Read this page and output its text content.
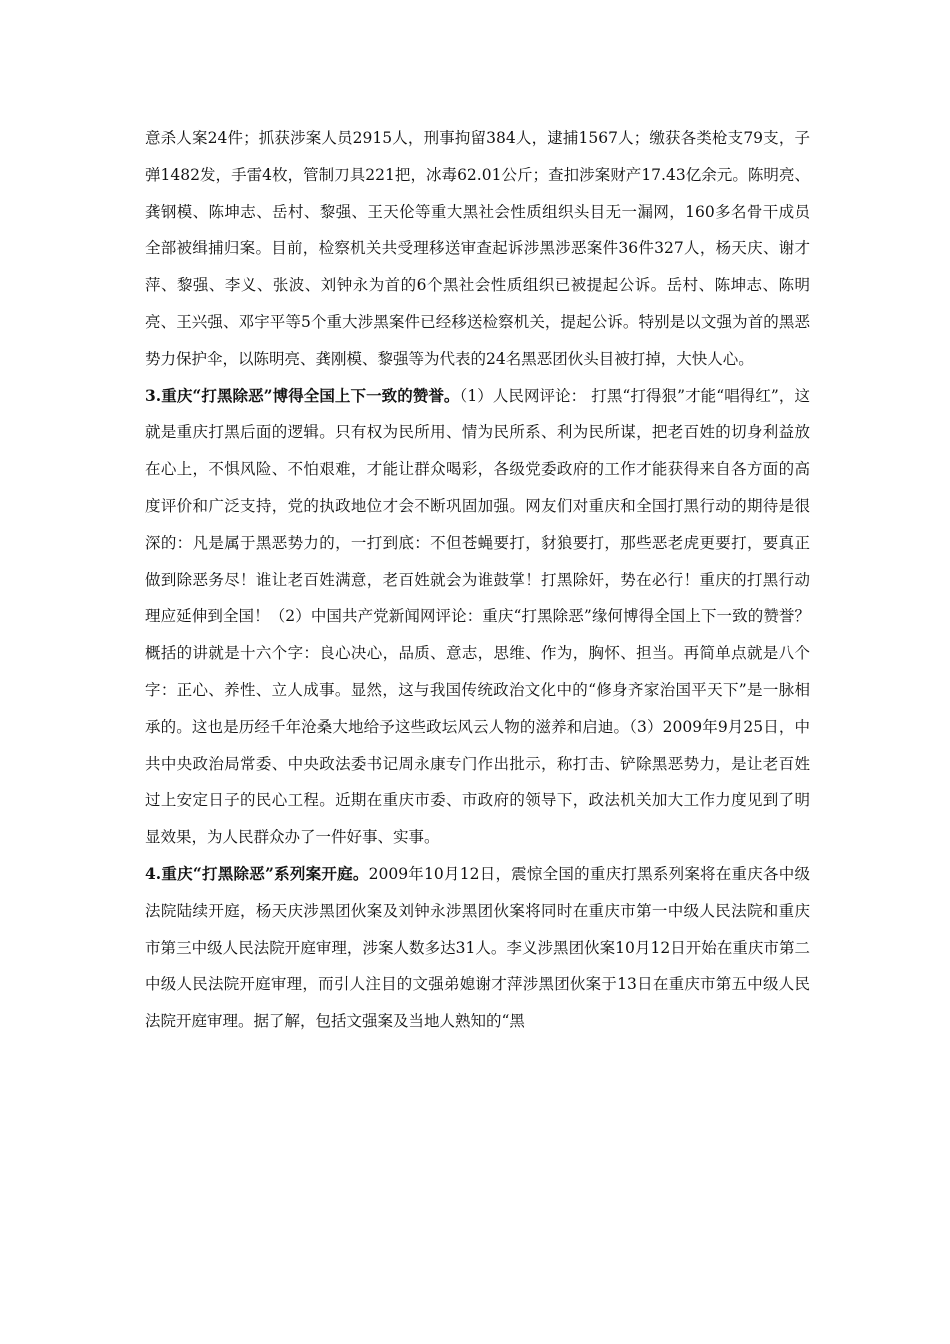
意杀人案24件；抓获涉案人员2915人，刑事拘留384人，逮捕1567人；缴获各类枪支79支，子弹1482发，手雷4枚，管制刀具221把，冰毒62.01公斤；查扣涉案财产17.43亿余元。陈明亮、龚钢模、陈坤志、岳村、黎强、王天伦等重大黑社会性质组织头目无一漏网，160多名骨干成员全部被缉捕归案。目前，检察机关共受理移送审查起诉涉黑涉恶案件36件327人，杨天庆、谢才萍、黎强、李义、张波、刘钟永为首的6个黑社会性质组织已被提起公诉。岳村、陈坤志、陈明亮、王兴强、邓宇平等5个重大涉黑案件已经移送检察机关，提起公诉。特别是以文强为首的黑恶势力保护伞，以陈明亮、龚刚模、黎强等为代表的24名黑恶团伙头目被打掉，大快人心。

3.重庆“打黑除恶”博得全国上下一致的赞誉。（1）人民网评论： 打黑“打得狠”才能“唱得红”，这就是重庆打黑后面的逻辑。只有权为民所用、情为民所系、利为民所谋，把老百姓的切身利益放在心上，不惧风险、不怕艰难，才能让群众喝彩，各级党委政府的工作才能获得来自各方面的高度评价和广泛支持，党的执政地位才会不断巩固加强。网友们对重庆和全国打黑行动的期待是很深的：凡是属于黑恶势力的，一打到底：不但苍蝇要打，豺狼要打，那些恶老虎更要打，要真正做到除恶务尽！谁让老百姓满意，老百姓就会为谁鼓掌！打黑除奸，势在必行！重庆的打黑行动理应延伸到全国！（2）中国共产党新闻网评论：重庆“打黑除恶”缘何博得全国上下一致的赞誉？概括的讲就是十六个字：良心决心，品质、意志，思维、作为，胸怀、担当。再简单点就是八个字：正心、养性、立人成事。显然，这与我国传统政治文化中的“修身齐家治国平天下”是一脉相承的。这也是历经千年沧桑大地给予这些政坛风云人物的滋养和启迪。（3）2009年9月25日，中共中央政治局常委、中央政法委书记周永康专门作出批示，称打击、铲除黑恶势力，是让老百姓过上安定日子的民心工程。近期在重庆市委、市政府的领导下，政法机关加大工作力度见到了明显效果，为人民群众办了一件好事、实事。

4.重庆“打黑除恶”系列案开庭。2009年10月12日，震惊全国的重庆打黑系列案将在重庆各中级法院陆续开庭，杨天庆涉黑团伙案及刘钟永涉黑团伙案将同时在重庆市第一中级人民法院和重庆市第三中级人民法院开庭审理，涉案人数多达31人。李义涉黑团伙案10月12日开始在重庆市第二中级人民法院开庭审理，而引人注目的文强弟媳谢才萍涉黑团伙案于13日在重庆市第五中级人民法院开庭审理。据了解，包括文强案及当地人熟知的“黑
